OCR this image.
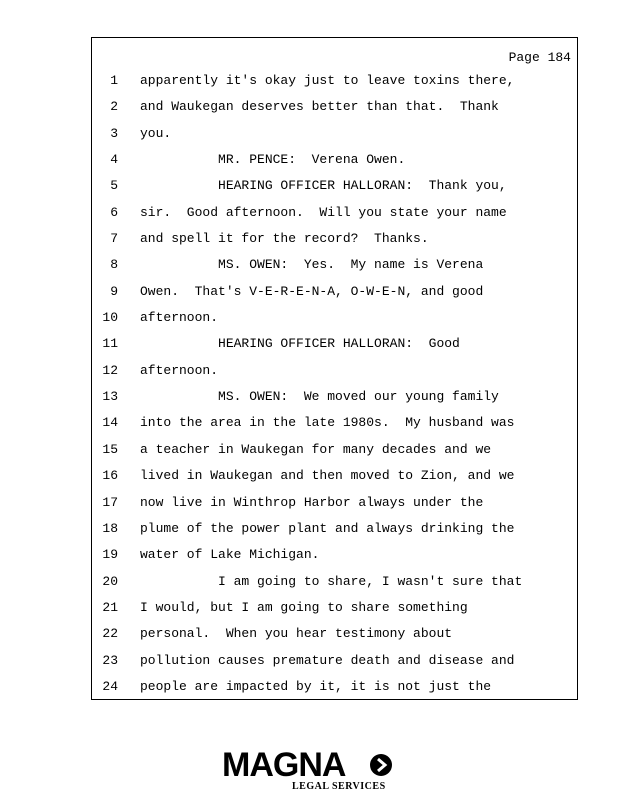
Page 184
1 apparently it's okay just to leave toxins there,
2 and Waukegan deserves better than that.  Thank
3 you.
4 MR. PENCE:  Verena Owen.
5 HEARING OFFICER HALLORAN:  Thank you,
6 sir.  Good afternoon.  Will you state your name
7 and spell it for the record?  Thanks.
8 MS. OWEN:  Yes.  My name is Verena
9 Owen.  That's V-E-R-E-N-A, O-W-E-N, and good
10 afternoon.
11 HEARING OFFICER HALLORAN:  Good
12 afternoon.
13 MS. OWEN:  We moved our young family
14 into the area in the late 1980s.  My husband was
15 a teacher in Waukegan for many decades and we
16 lived in Waukegan and then moved to Zion, and we
17 now live in Winthrop Harbor always under the
18 plume of the power plant and always drinking the
19 water of Lake Michigan.
20 I am going to share, I wasn't sure that
21 I would, but I am going to share something
22 personal.  When you hear testimony about
23 pollution causes premature death and disease and
24 people are impacted by it, it is not just the
MAGNA
LEGAL SERVICES
